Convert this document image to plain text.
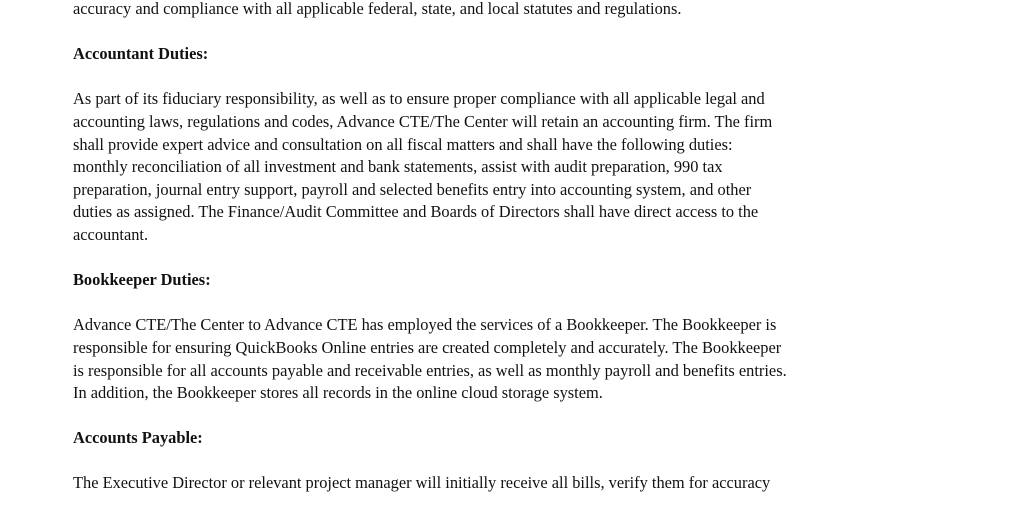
accuracy and compliance with all applicable federal, state, and local statutes and regulations.
Accountant Duties:
As part of its fiduciary responsibility, as well as to ensure proper compliance with all applicable legal and
accounting laws, regulations and codes, Advance CTE/The Center will retain an accounting firm. The firm
shall provide expert advice and consultation on all fiscal matters and shall have the following duties:
monthly reconciliation of all investment and bank statements, assist with audit preparation, 990 tax
preparation, journal entry support, payroll and selected benefits entry into accounting system, and other
duties as assigned. The Finance/Audit Committee and Boards of Directors shall have direct access to the
accountant.
Bookkeeper Duties:
Advance CTE/The Center to Advance CTE has employed the services of a Bookkeeper. The Bookkeeper is
responsible for ensuring QuickBooks Online entries are created completely and accurately. The Bookkeeper
is responsible for all accounts payable and receivable entries, as well as monthly payroll and benefits entries.
In addition, the Bookkeeper stores all records in the online cloud storage system.
Accounts Payable:
The Executive Director or relevant project manager will initially receive all bills, verify them for accuracy
